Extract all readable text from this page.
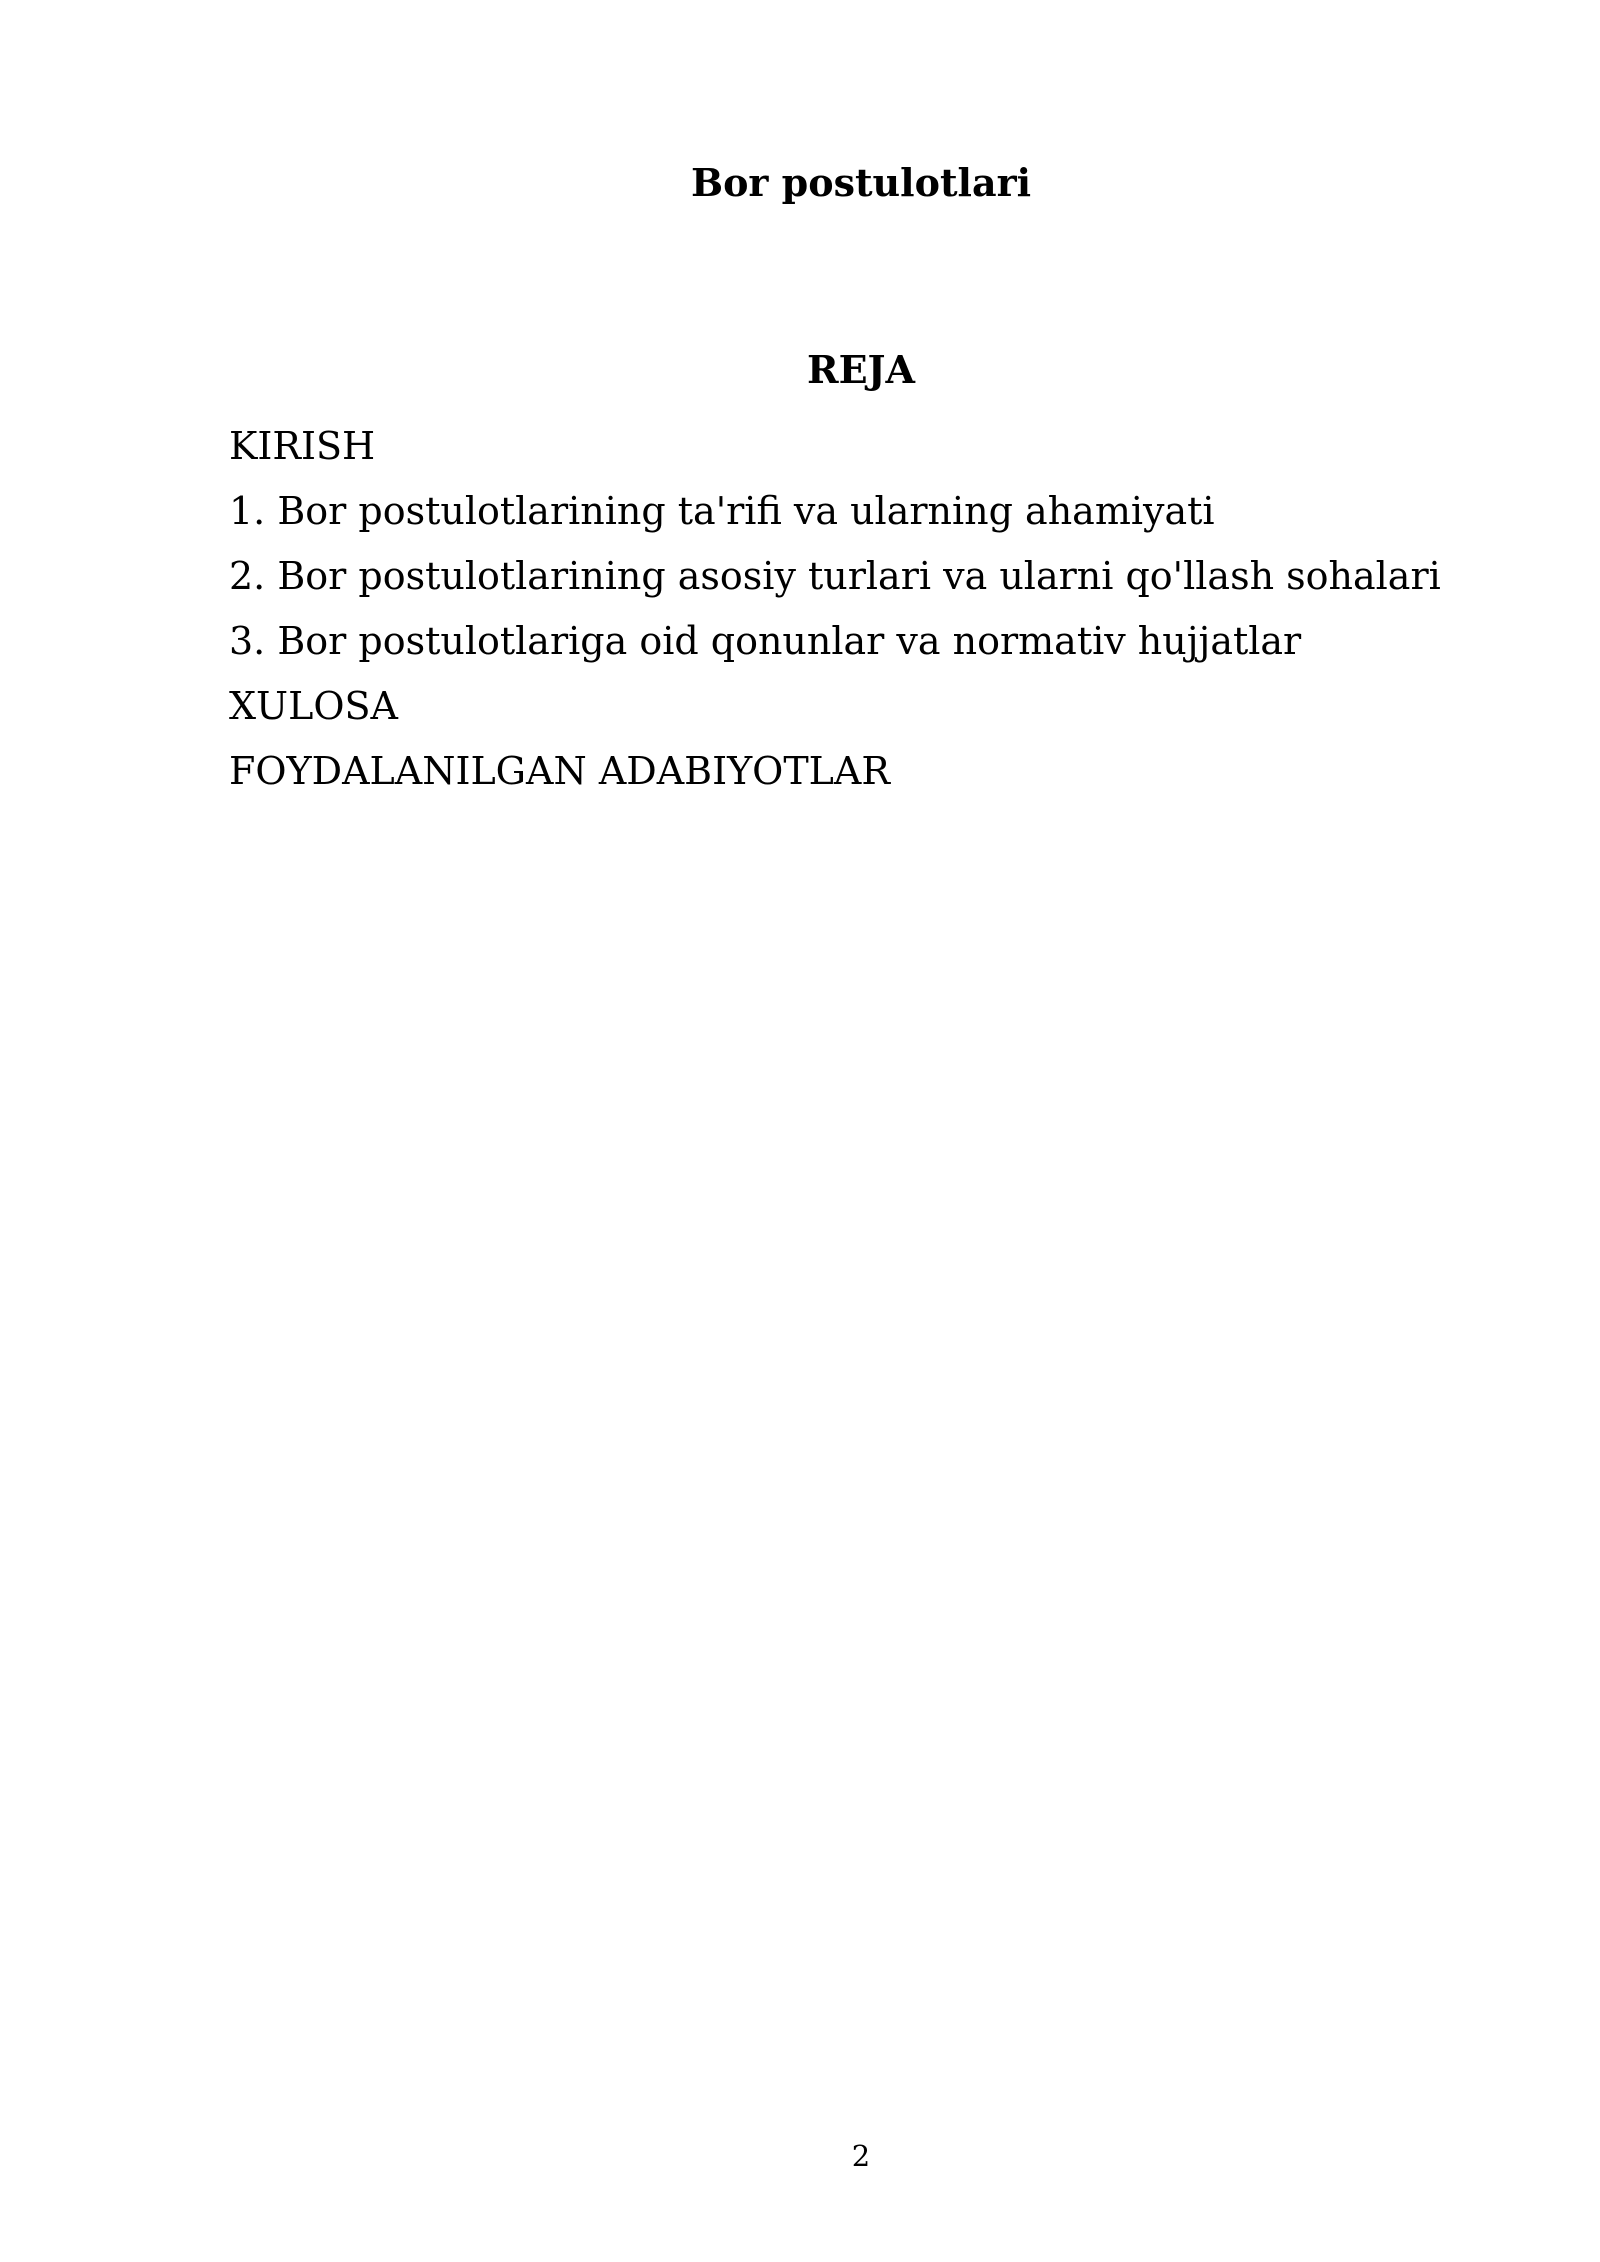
Bor postulotlari
REJA
KIRISH
1. Bor postulotlarining ta'rifi va ularning ahamiyati
2. Bor postulotlarining asosiy turlari va ularni qo'llash sohalari
3. Bor postulotlariga oid qonunlar va normativ hujjatlar
XULOSA
FOYDALANILGAN ADABIYOTLAR
2
